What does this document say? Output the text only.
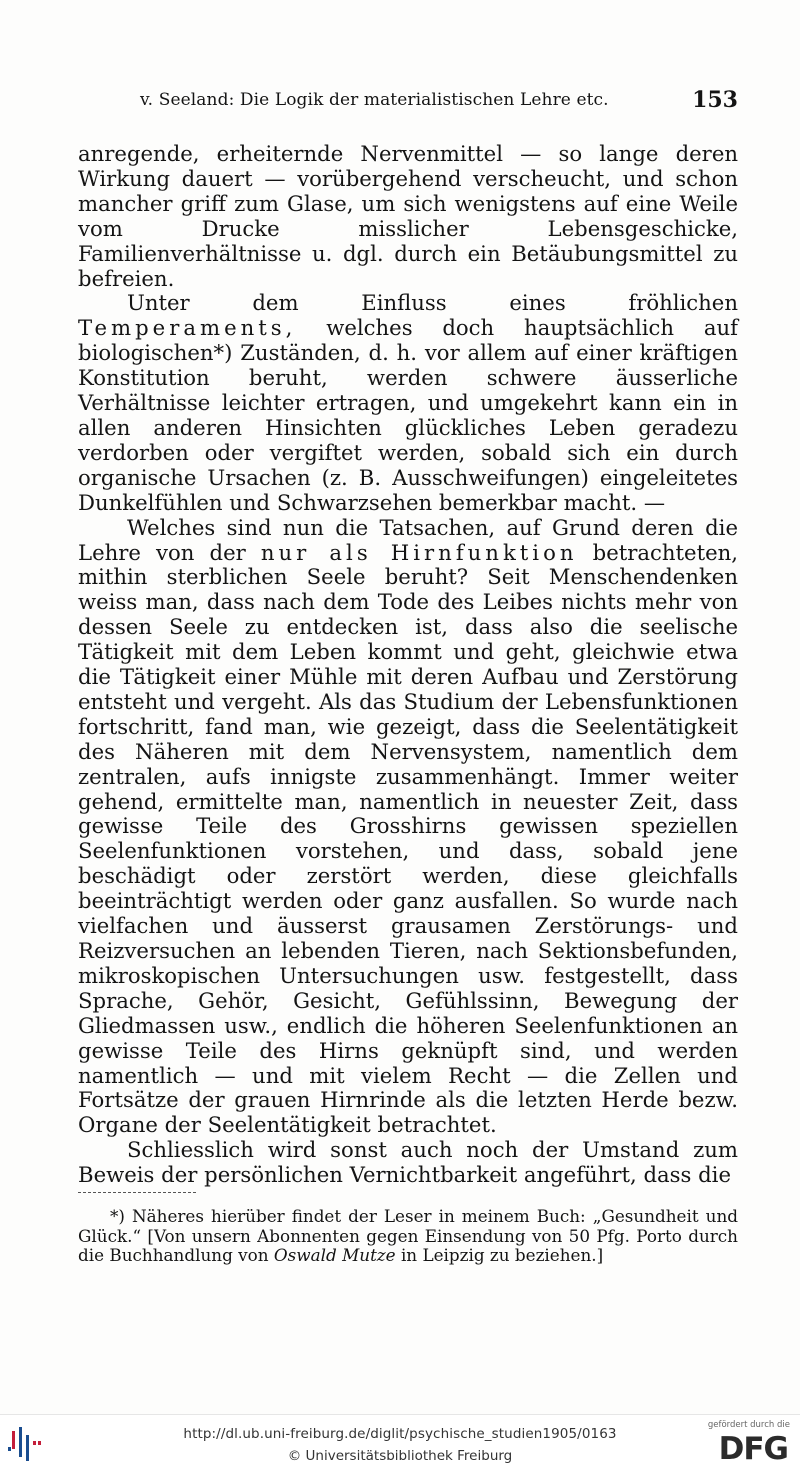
v. Seeland: Die Logik der materialistischen Lehre etc.	153

anregende, erheiternde Nervenmittel — so lange deren Wirkung dauert — vorübergehend verscheucht, und schon mancher griff zum Glase, um sich wenigstens auf eine Weile vom Drucke misslicher Lebensgeschicke, Familienverhältnisse u. dgl. durch ein Betäubungsmittel zu befreien.

Unter dem Einfluss eines fröhlichen Temperaments, welches doch hauptsächlich auf biologischen*) Zuständen, d. h. vor allem auf einer kräftigen Konstitution beruht, werden schwere äusserliche Verhältnisse leichter ertragen, und umgekehrt kann ein in allen anderen Hinsichten glückliches Leben geradezu verdorben oder vergiftet werden, sobald sich ein durch organische Ursachen (z. B. Ausschweifungen) eingeleitetes Dunkelfühlen und Schwarzsehen bemerkbar macht. —

Welches sind nun die Tatsachen, auf Grund deren die Lehre von der nur als Hirnfunktion betrachteten, mithin sterblichen Seele beruht? Seit Menschendenken weiss man, dass nach dem Tode des Leibes nichts mehr von dessen Seele zu entdecken ist, dass also die seelische Tätigkeit mit dem Leben kommt und geht, gleichwie etwa die Tätigkeit einer Mühle mit deren Aufbau und Zerstörung entsteht und vergeht. Als das Studium der Lebensfunktionen fortschritt, fand man, wie gezeigt, dass die Seelentätigkeit des Näheren mit dem Nervensystem, namentlich dem zentralen, aufs innigste zusammenhängt. Immer weiter gehend, ermittelte man, namentlich in neuester Zeit, dass gewisse Teile des Grosshirns gewissen speziellen Seelenfunktionen vorstehen, und dass, sobald jene beschädigt oder zerstört werden, diese gleichfalls beeinträchtigt werden oder ganz ausfallen. So wurde nach vielfachen und äusserst grausamen Zerstörungs- und Reizversuchen an lebenden Tieren, nach Sektionsbefunden, mikroskopischen Untersuchungen usw. festgestellt, dass Sprache, Gehör, Gesicht, Gefühlssinn, Bewegung der Gliedmassen usw., endlich die höheren Seelenfunktionen an gewisse Teile des Hirns geknüpft sind, und werden namentlich — und mit vielem Recht — die Zellen und Fortsätze der grauen Hirnrinde als die letzten Herde bezw. Organe der Seelentätigkeit betrachtet.

Schliesslich wird sonst auch noch der Umstand zum Beweis der persönlichen Vernichtbarkeit angeführt, dass die

*) Näheres hierüber findet der Leser in meinem Buch: „Gesundheit und Glück.“ [Von unsern Abonnenten gegen Einsendung von 50 Pfg. Porto durch die Buchhandlung von Oswald Mutze in Leipzig zu beziehen.]

http://dl.ub.uni-freiburg.de/diglit/psychische_studien1905/0163
© Universitätsbibliothek Freiburg
gefördert durch die
DFG
